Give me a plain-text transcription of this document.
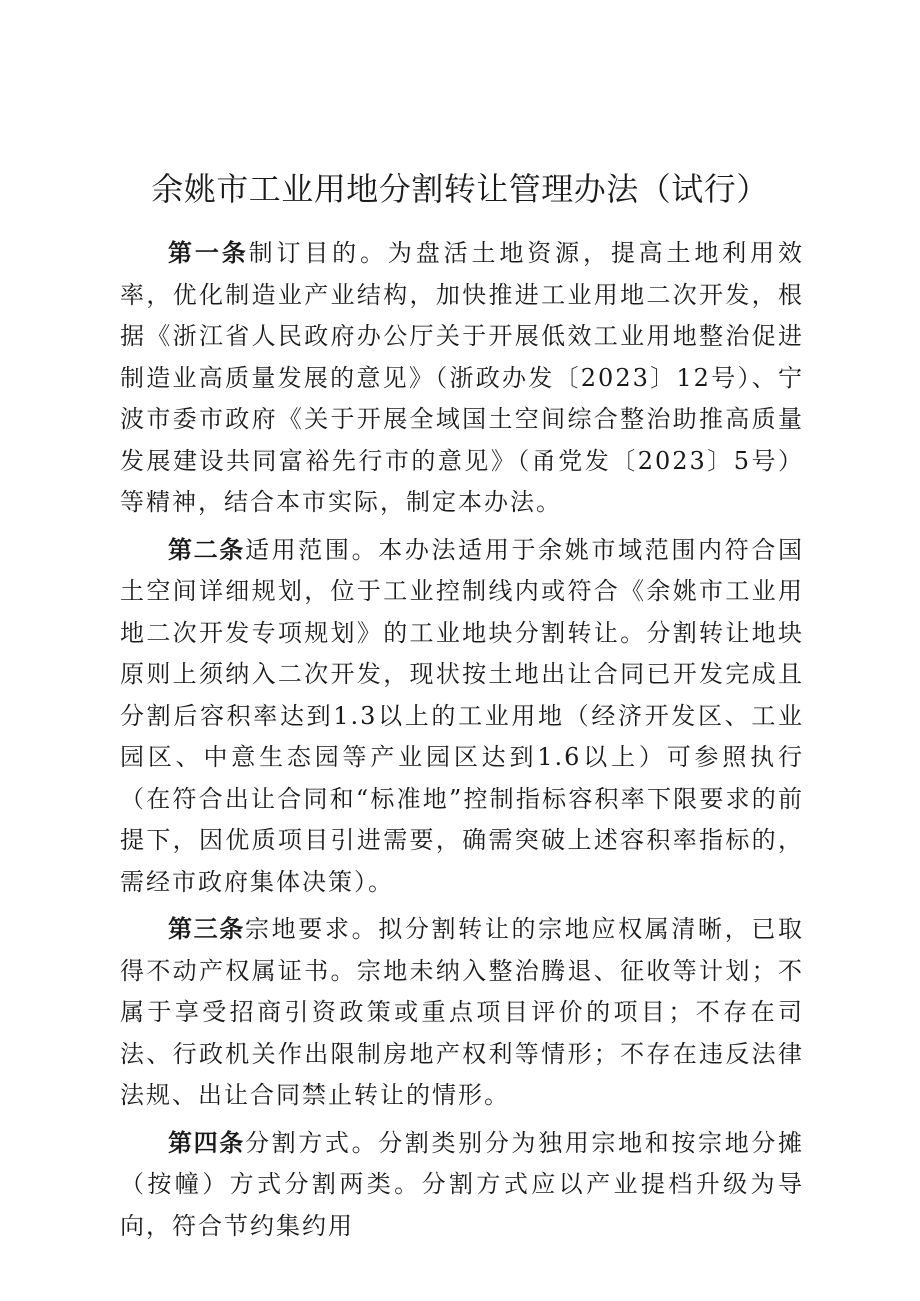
余姚市工业用地分割转让管理办法（试行）

第一条制订目的。为盘活土地资源，提高土地利用效率，优化制造业产业结构，加快推进工业用地二次开发，根据《浙江省人民政府办公厅关于开展低效工业用地整治促进制造业高质量发展的意见》（浙政办发〔2023〕12号）、宁波市委市政府《关于开展全域国土空间综合整治助推高质量发展建设共同富裕先行市的意见》（甬党发〔2023〕5号）等精神，结合本市实际，制定本办法。

第二条适用范围。本办法适用于余姚市域范围内符合国土空间详细规划，位于工业控制线内或符合《余姚市工业用地二次开发专项规划》的工业地块分割转让。分割转让地块原则上须纳入二次开发，现状按土地出让合同已开发完成且分割后容积率达到1.3以上的工业用地（经济开发区、工业园区、中意生态园等产业园区达到1.6以上）可参照执行（在符合出让合同和“标准地”控制指标容积率下限要求的前提下，因优质项目引进需要，确需突破上述容积率指标的，需经市政府集体决策）。

第三条宗地要求。拟分割转让的宗地应权属清晰，已取得不动产权属证书。宗地未纳入整治腾退、征收等计划；不属于享受招商引资政策或重点项目评价的项目；不存在司法、行政机关作出限制房地产权利等情形；不存在违反法律法规、出让合同禁止转让的情形。

第四条分割方式。分割类别分为独用宗地和按宗地分摊（按幢）方式分割两类。分割方式应以产业提档升级为导向，符合节约集约用
